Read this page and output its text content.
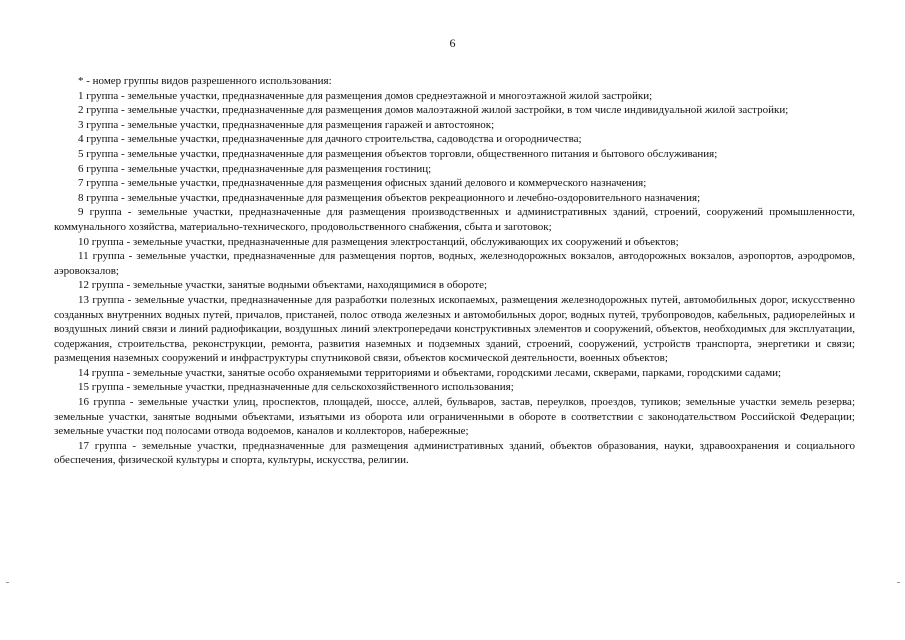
6

* - номер группы видов разрешенного использования:

1 группа - земельные участки, предназначенные для размещения домов среднеэтажной и многоэтажной жилой застройки;

2 группа - земельные участки, предназначенные для размещения домов малоэтажной жилой застройки, в том числе индивидуальной жилой застройки;

3 группа - земельные участки, предназначенные для размещения гаражей и автостоянок;

4 группа - земельные участки, предназначенные для дачного строительства, садоводства и огородничества;

5 группа - земельные участки, предназначенные для размещения объектов торговли, общественного питания и бытового обслуживания;

6 группа - земельные участки, предназначенные для размещения гостиниц;

7 группа - земельные участки, предназначенные для размещения офисных зданий делового и коммерческого назначения;

8 группа - земельные участки, предназначенные для размещения объектов рекреационного и лечебно-оздоровительного назначения;

9 группа - земельные участки, предназначенные для размещения производственных и административных зданий, строений, сооружений промышленности, коммунального хозяйства, материально-технического, продовольственного снабжения, сбыта и заготовок;

10 группа - земельные участки, предназначенные для размещения электростанций, обслуживающих их сооружений и объектов;

11 группа - земельные участки, предназначенные для размещения портов, водных, железнодорожных вокзалов, автодорожных вокзалов, аэропортов, аэродромов, аэровокзалов;

12 группа - земельные участки, занятые водными объектами, находящимися в обороте;

13 группа - земельные участки, предназначенные для разработки полезных ископаемых, размещения железнодорожных путей, автомобильных дорог, искусственно созданных внутренних водных путей, причалов, пристаней, полос отвода железных и автомобильных дорог, водных путей, трубопроводов, кабельных, радиорелейных и воздушных линий связи и линий радиофикации, воздушных линий электропередачи конструктивных элементов и сооружений, объектов, необходимых для эксплуатации, содержания, строительства, реконструкции, ремонта, развития наземных и подземных зданий, строений, сооружений, устройств транспорта, энергетики и связи; размещения наземных сооружений и инфраструктуры спутниковой связи, объектов космической деятельности, военных объектов;

14 группа - земельные участки, занятые особо охраняемыми территориями и объектами, городскими лесами, скверами, парками, городскими садами;

15 группа - земельные участки, предназначенные для сельскохозяйственного использования;

16 группа - земельные участки улиц, проспектов, площадей, шоссе, аллей, бульваров, застав, переулков, проездов, тупиков; земельные участки земель резерва; земельные участки, занятые водными объектами, изъятыми из оборота или ограниченными в обороте в соответствии с законодательством Российской Федерации; земельные участки под полосами отвода водоемов, каналов и коллекторов, набережные;

17 группа - земельные участки, предназначенные для размещения административных зданий, объектов образования, науки, здравоохранения и социального обеспечения, физической культуры и спорта, культуры, искусства, религии.
